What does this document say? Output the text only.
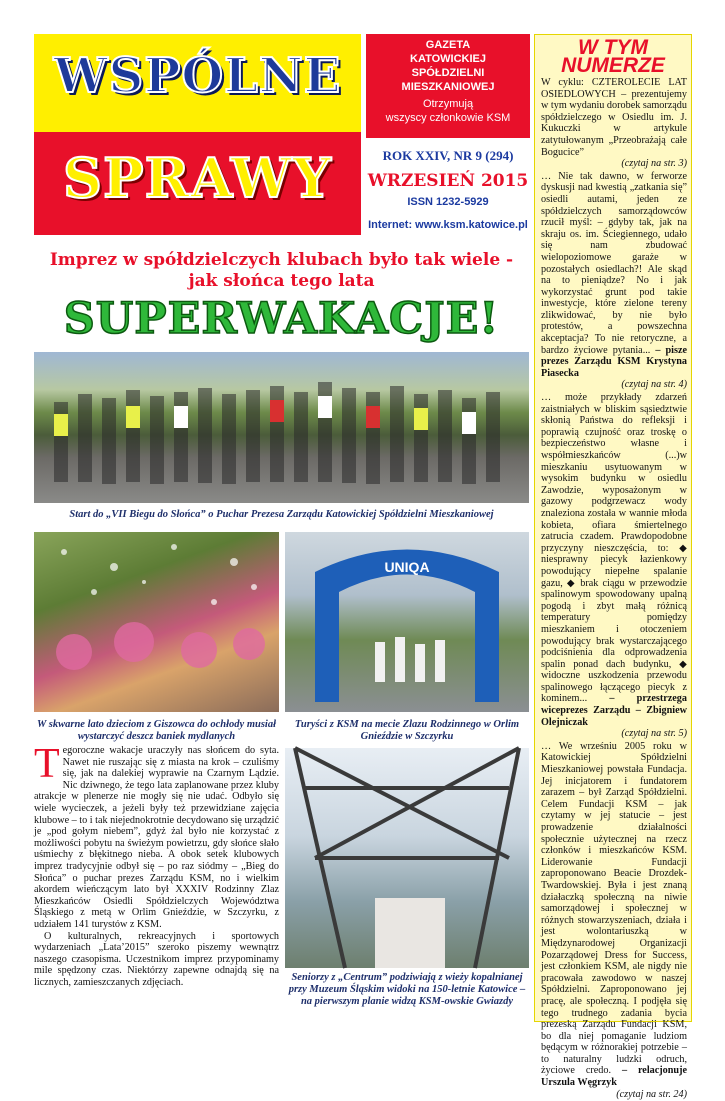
WSPÓLNE
SPRAWY
GAZETA
KATOWICKIEJ
SPÓŁDZIELNI
MIESZKANIOWEJ
Otrzymują
wszyscy członkowie KSM
ROK XXIV, NR 9 (294)
WRZESIEŃ 2015
ISSN 1232-5929
Internet: www.ksm.katowice.pl
W TYM
NUMERZE

W cyklu: CZTEROLECIE LAT OSIEDLOWYCH – prezentujemy w tym wydaniu dorobek samorządu spółdzielczego w Osiedlu im. J. Kukuczki w artykule zatytułowanym „Przeobrażają całe Bogucice”
(czytaj na str. 3)

… Nie tak dawno, w ferworze dyskusji nad kwestią „zatkania się” osiedli autami, jeden ze spółdzielczych samorządowców rzucił myśl: – gdyby tak, jak na skraju os. im. Ściegiennego, udało się nam zbudować wielopoziomowe garaże w pozostałych osiedlach?! Ale skąd na to pieniądze? No i jak wykorzystać grunt pod takie inwestycje, które zielone tereny zlikwidować, by nie było protestów, a powszechna akceptacja? To nie retoryczne, a bardzo życiowe pytania... – pisze prezes Zarządu KSM Krystyna Piasecka
(czytaj na str. 4)

… może przykłady zdarzeń zaistniałych w bliskim sąsiedztwie skłonią Państwa do refleksji i poprawią czujność oraz troskę o bezpieczeństwo własne i współmieszkańców (...)w mieszkaniu usytuowanym w wysokim budynku w osiedlu Zawodzie, wyposażonym w gazowy podgrzewacz wody znaleziona została w wannie młoda kobieta, ofiara śmiertelnego zatrucia czadem. Prawdopodobne przyczyny nieszczęścia, to: ◆ niesprawny piecyk łazienkowy powodujący niepełne spalanie gazu, ◆ brak ciągu w przewodzie spalinowym spowodowany upalną pogodą i zbyt małą różnicą temperatury pomiędzy mieszkaniem i otoczeniem powodujący brak wystarczającego podciśnienia dla odprowadzenia spalin ponad dach budynku, ◆ widoczne uszkodzenia przewodu spalinowego łączącego piecyk z kominem... – przestrzega wiceprezes Zarządu – Zbigniew Olejniczak
(czytaj na str. 5)

… We wrześniu 2005 roku w Katowickiej Spółdzielni Mieszkaniowej powstała Fundacja. Jej inicjatorem i fundatorem zarazem – był Zarząd Spółdzielni. Celem Fundacji KSM – jak czytamy w jej statucie – jest prowadzenie działalności społecznie użytecznej na rzecz członków i mieszkańców KSM. Liderowanie Fundacji zaproponowano Beacie Drozdek-Twardowskiej. Była i jest znaną działaczką społeczną na niwie samorządowej i społecznej w różnych stowarzyszeniach, działa i jest wolontariuszką w Międzynarodowej Organizacji Pozarządowej Dress for Success, jest członkiem KSM, ale nigdy nie pracowała zawodowo w naszej Spółdzielni. Zaproponowano jej pracę, ale społeczną. I podjęła się tego trudnego zadania bycia prezeską Zarządu Fundacji KSM, bo dla niej pomaganie ludziom będącym w różnorakiej potrzebie – to naturalny ludzki odruch, życiowe credo. – relacjonuje Urszula Węgrzyk
(czytaj na str. 24)

Imprez w spółdzielczych klubach było tak wiele - jak słońca tego lata
SUPERWAKACJE!
Start do „VII Biegu do Słońca” o Puchar Prezesa Zarządu Katowickiej Spółdzielni Mieszkaniowej
W skwarne lato dzieciom z Giszowca do ochłody musiał wystarczyć deszcz baniek mydlanych
UNIQA
Turyści z KSM na mecie Zlazu Rodzinnego w Orlim Gnieździe w Szczyrku
Seniorzy z „Centrum” podziwiają z wieży kopalnianej przy Muzeum Śląskim widoki na 150-letnie Katowice – na pierwszym planie widzą KSM-owskie Gwiazdy

Tegoroczne wakacje uraczyły nas słońcem do syta. Nawet nie ruszając się z miasta na krok – czuliśmy się, jak na dalekiej wyprawie na Czarnym Lądzie. Nic dziwnego, że tego lata zaplanowane przez kluby atrakcje w plenerze nie mogły się nie udać. Odbyło się wiele wycieczek, a jeżeli były też przewidziane zajęcia klubowe – to i tak niejednokrotnie decydowano się urządzić je „pod gołym niebem”, gdyż żal było nie korzystać z możliwości pobytu na świeżym powietrzu, gdy słońce słało uśmiechy z błękitnego nieba. A obok setek klubowych imprez tradycyjnie odbył się – po raz siódmy – „Bieg do Słońca” o puchar prezes Zarządu KSM, no i wielkim akordem wieńczącym lato był XXXIV Rodzinny Zlaz Mieszkańców Osiedli Spółdzielczych Województwa Śląskiego z metą w Orlim Gnieździe, w Szczyrku, z udziałem 141 turystów z KSM.

O kulturalnych, rekreacyjnych i sportowych wydarzeniach „Lata’2015” szeroko piszemy wewnątrz naszego czasopisma. Uczestnikom imprez przypominamy mile spędzony czas. Niektórzy zapewne odnajdą się na licznych, zamieszczanych zdjęciach.
